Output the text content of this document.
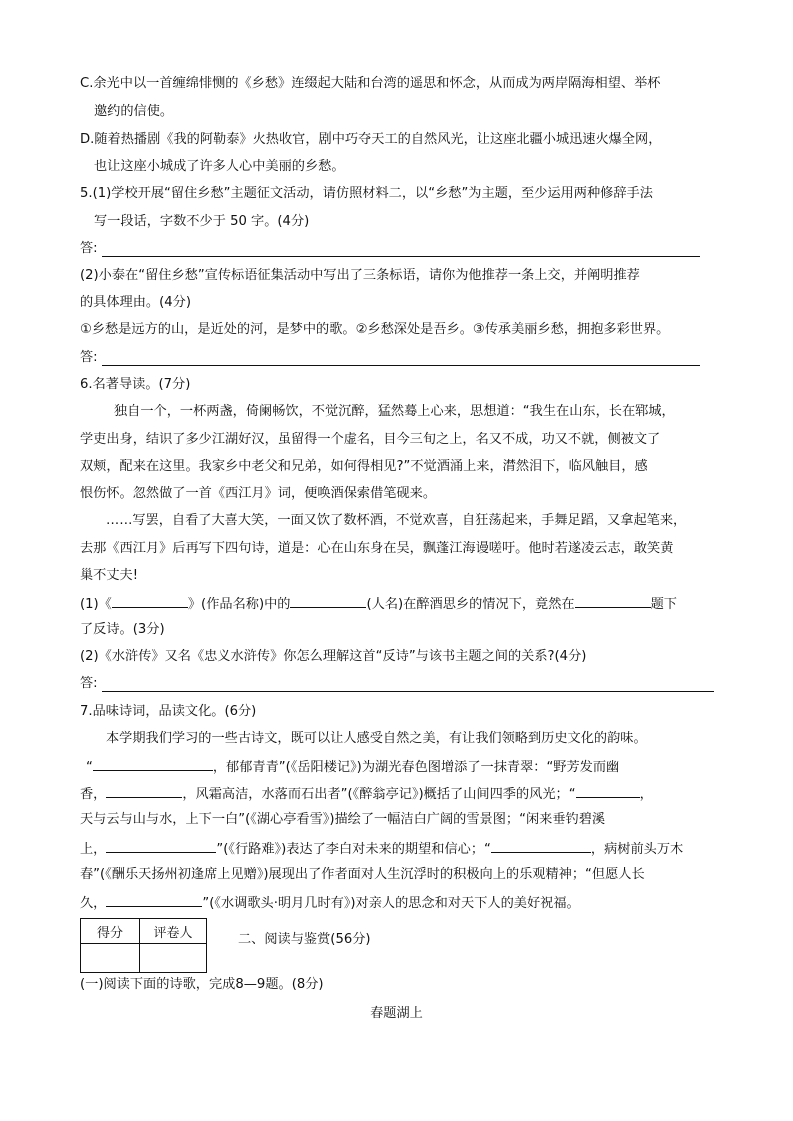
C.余光中以一首缠绵悱恻的《乡愁》连缀起大陆和台湾的遥思和怀念，从而成为两岸隔海相望、举杯
邀约的信使。
D.随着热播剧《我的阿勒泰》火热收官，剧中巧夺天工的自然风光，让这座北疆小城迅速火爆全网，
也让这座小城成了许多人心中美丽的乡愁。
5.(1)学校开展“留住乡愁”主题征文活动，请仿照材料二，以“乡愁”为主题，至少运用两种修辞手法
写一段话，字数不少于 50 字。(4分)
答:
(2)小泰在“留住乡愁”宣传标语征集活动中写出了三条标语，请你为他推荐一条上交，并阐明推荐
的具体理由。(4分)
①乡愁是远方的山，是近处的河，是梦中的歌。②乡愁深处是吾乡。③传承美丽乡愁，拥抱多彩世界。
答:
6.名著导读。(7分)
独自一个，一杯两盏，倚阑畅饮，不觉沉醉，猛然蓦上心来，思想道：“我生在山东，长在郓城，
学吏出身，结识了多少江湖好汉，虽留得一个虚名，目今三旬之上，名又不成，功又不就，侧被文了
双颊，配来在这里。我家乡中老父和兄弟，如何得相见?”不觉酒涌上来，潸然泪下，临风触目，感
恨伤怀。忽然做了一首《西江月》词，便唤酒保索借笔砚来。
……写罢，自看了大喜大笑，一面又饮了数杯酒，不觉欢喜，自狂荡起来，手舞足蹈，又拿起笔来，
去那《西江月》后再写下四句诗，道是：心在山东身在吴，飘蓬江海谩嗟吁。他时若遂凌云志，敢笑黄
巢不丈夫!
(1)《	》(作品名称)中的	(人名)在醉酒思乡的情况下，竟然在	题下
了反诗。(3分)
(2)《水浒传》又名《忠义水浒传》你怎么理解这首“反诗”与该书主题之间的关系?(4分)
答:
7.品味诗词，品读文化。(6分)
本学期我们学习的一些古诗文，既可以让人感受自然之美，有让我们领略到历史文化的韵味。
“	，郁郁青青”(《岳阳楼记》)为湖光春色图增添了一抹青翠：“野芳发而幽
香，	，风霜高洁，水落而石出者”(《醉翁亭记》)概括了山间四季的风光；“	，
天与云与山与水，上下一白”(《湖心亭看雪》)描绘了一幅洁白广阔的雪景图；“闲来垂钓碧溪
上，	”(《行路难》)表达了李白对未来的期望和信心；“	，病树前头万木
春”(《酬乐天扬州初逢席上见赠》)展现出了作者面对人生沉浮时的积极向上的乐观精神；“但愿人长
久，	”(《水调歌头·明月几时有》)对亲人的思念和对天下人的美好祝福。
得分	评卷人
		二、阅读与鉴赏(56分)
(一)阅读下面的诗歌，完成8—9题。(8分)
春题湖上
